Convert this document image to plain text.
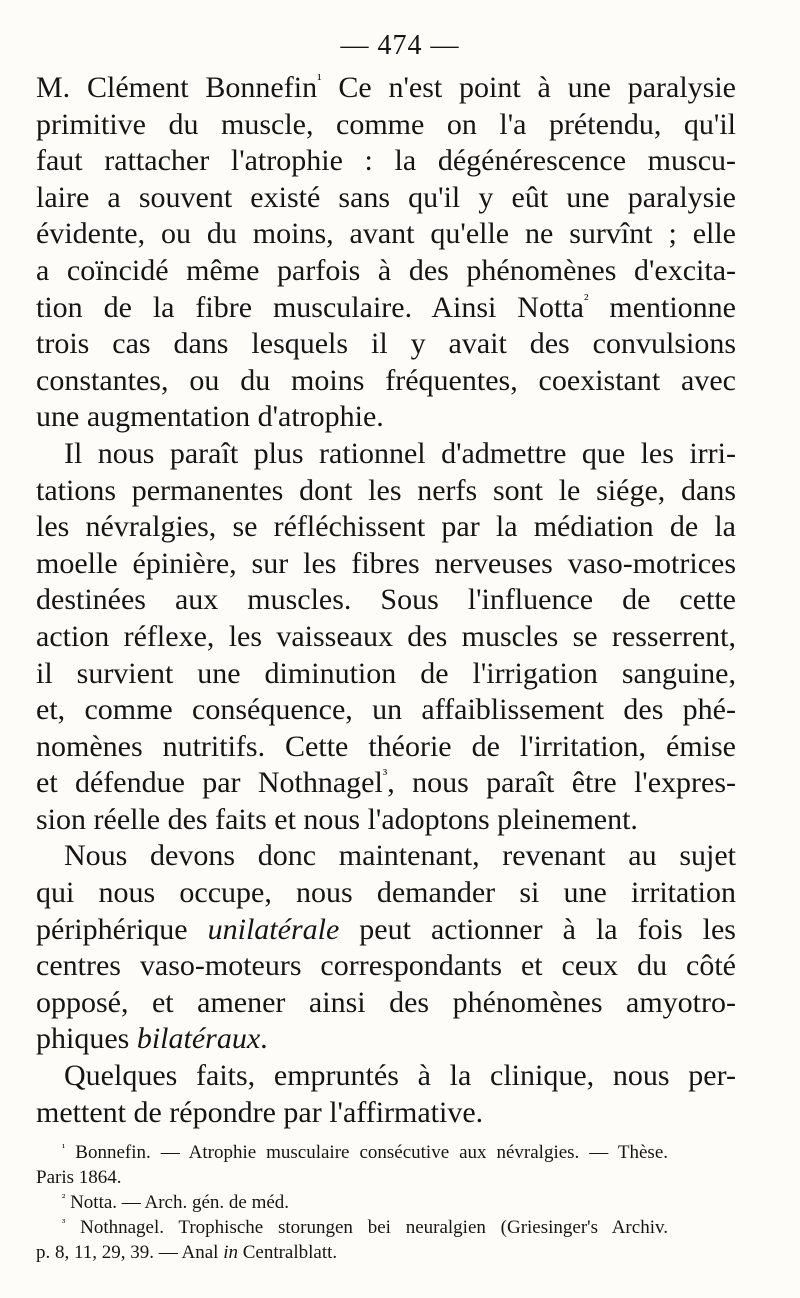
— 474 —
M. Clément Bonnefin$^{^1}$ Ce n'est point à une paralysie
primitive du muscle, comme on l'a prétendu, qu'il
faut rattacher l'atrophie : la dégénérescence muscu-
laire a souvent existé sans qu'il y eût une paralysie
évidente, ou du moins, avant qu'elle ne survînt ; elle
a coïncidé même parfois à des phénomènes d'excita-
tion de la fibre musculaire. Ainsi Notta$^{^2}$ mentionne
trois cas dans lesquels il y avait des convulsions
constantes, ou du moins fréquentes, coexistant avec
une augmentation d'atrophie.
Il nous paraît plus rationnel d'admettre que les irri-
tations permanentes dont les nerfs sont le siége, dans
les névralgies, se réfléchissent par la médiation de la
moelle épinière, sur les fibres nerveuses vaso-motrices
destinées aux muscles. Sous l'influence de cette
action réflexe, les vaisseaux des muscles se resserrent,
il survient une diminution de l'irrigation sanguine,
et, comme conséquence, un affaiblissement des phé-
nomènes nutritifs. Cette théorie de l'irritation, émise
et défendue par Nothnagel$^{^3}$, nous paraît être l'expres-
sion réelle des faits et nous l'adoptons pleinement.
Nous devons donc maintenant, revenant au sujet
qui nous occupe, nous demander si une irritation
périphérique unilatérale peut actionner à la fois les
centres vaso-moteurs correspondants et ceux du côté
opposé, et amener ainsi des phénomènes amyotro-
phiques bilatéraux.
Quelques faits, empruntés à la clinique, nous per-
mettent de répondre par l'affirmative.
$^{^1}$ Bonnefin. — Atrophie musculaire consécutive aux névralgies. — Thèse.
Paris 1864.
$^{^2}$ Notta. — Arch. gén. de méd.
$^{^3}$ Nothnagel. Trophische storungen bei neuralgien (Griesinger's Archiv.
p. 8, 11, 29, 39. — Anal in Centralblatt.
